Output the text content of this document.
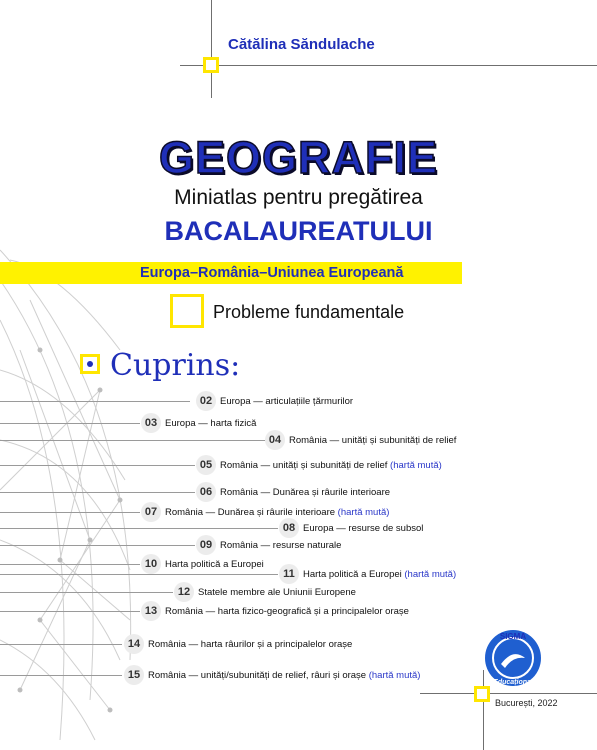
Cătălina Săndulache
GEOGRAFIE
Miniatlas pentru pregătirea
BACALAUREATULUI
Europa–România–Uniunea Europeană
Probleme fundamentale
Cuprins:
02 Europa — articulațiile țărmurilor
03 Europa — harta fizică
04 România — unități și subunități de relief
05 România — unități și subunități de relief (hartă mută)
06 România — Dunărea și râurile interioare
07 România — Dunărea și râurile interioare (hartă mută)
08 Europa — resurse de subsol
09 România — resurse naturale
10 Harta politică a Europei
11 Harta politică a Europei (hartă mută)
12 Statele membre ale Uniunii Europene
13 România — harta fizico-geografică și a principalelor orașe
14 România — harta râurilor și a principalelor orașe
15 România — unități/subunități de relief, râuri și orașe (hartă mută)
SIGMA
Educațional
București, 2022
